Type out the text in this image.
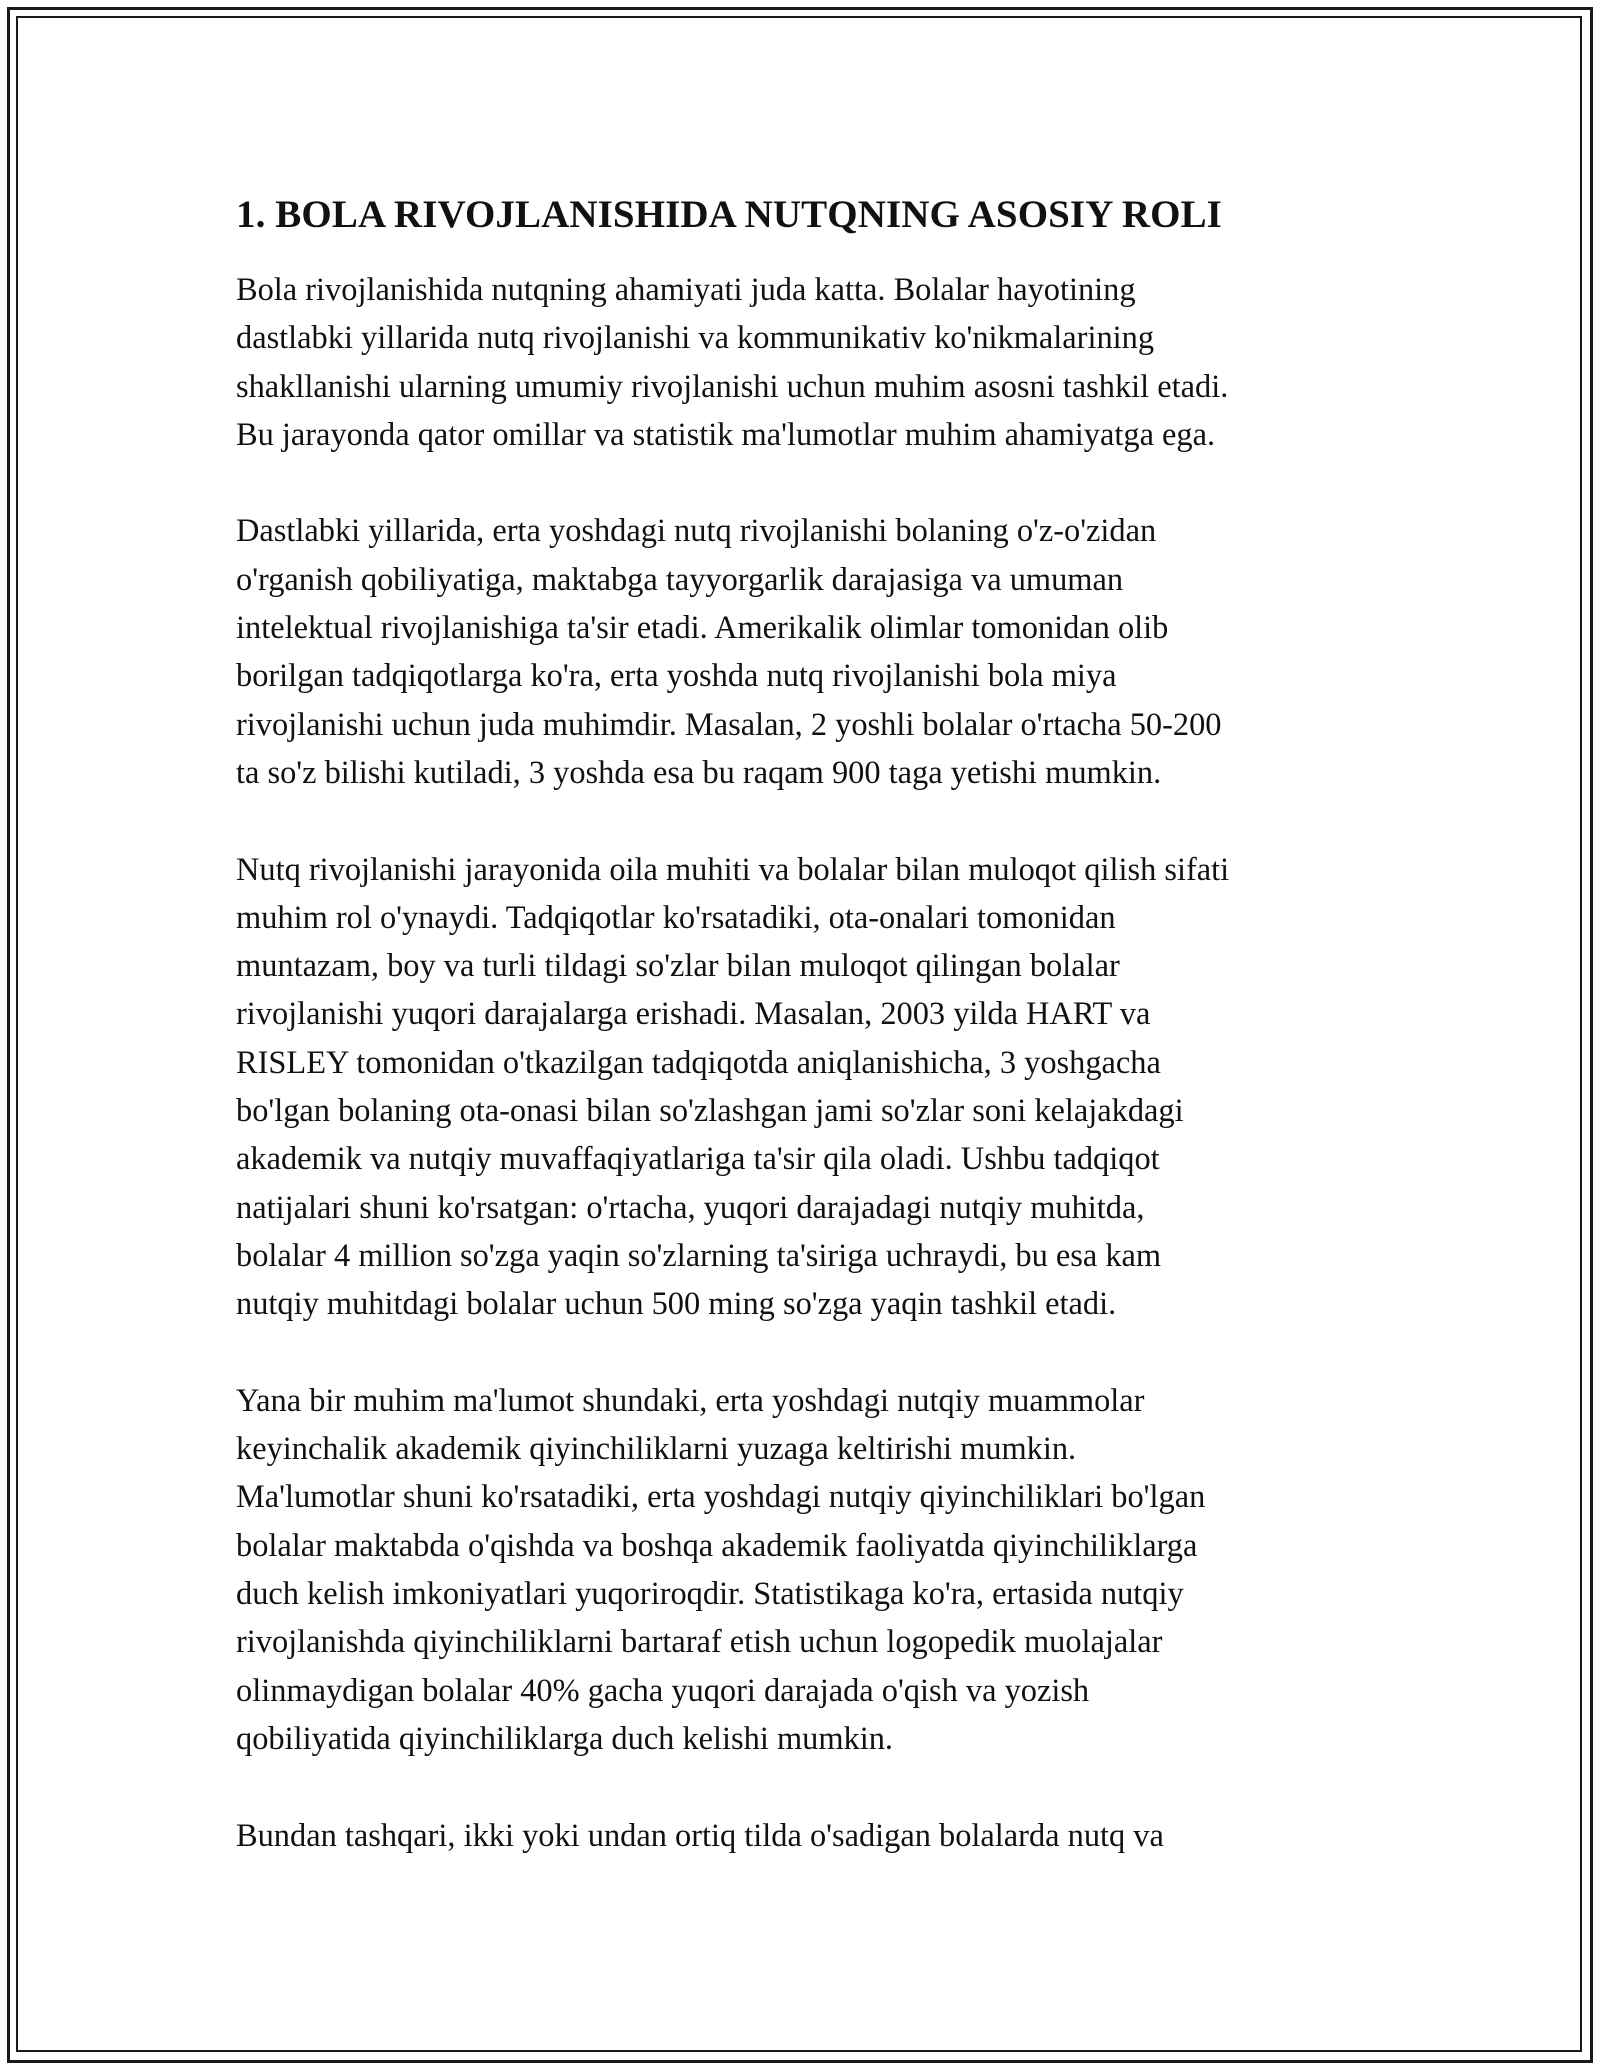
1. BOLA RIVOJLANISHIDA NUTQNING ASOSIY ROLI

Bola rivojlanishida nutqning ahamiyati juda katta. Bolalar hayotining
dastlabki yillarida nutq rivojlanishi va kommunikativ ko'nikmalarining
shakllanishi ularning umumiy rivojlanishi uchun muhim asosni tashkil etadi.
Bu jarayonda qator omillar va statistik ma'lumotlar muhim ahamiyatga ega.

Dastlabki yillarida, erta yoshdagi nutq rivojlanishi bolaning o'z-o'zidan
o'rganish qobiliyatiga, maktabga tayyorgarlik darajasiga va umuman
intelektual rivojlanishiga ta'sir etadi. Amerikalik olimlar tomonidan olib
borilgan tadqiqotlarga ko'ra, erta yoshda nutq rivojlanishi bola miya
rivojlanishi uchun juda muhimdir. Masalan, 2 yoshli bolalar o'rtacha 50-200
ta so'z bilishi kutiladi, 3 yoshda esa bu raqam 900 taga yetishi mumkin.

Nutq rivojlanishi jarayonida oila muhiti va bolalar bilan muloqot qilish sifati
muhim rol o'ynaydi. Tadqiqotlar ko'rsatadiki, ota-onalari tomonidan
muntazam, boy va turli tildagi so'zlar bilan muloqot qilingan bolalar
rivojlanishi yuqori darajalarga erishadi. Masalan, 2003 yilda HART va
RISLEY tomonidan o'tkazilgan tadqiqotda aniqlanishicha, 3 yoshgacha
bo'lgan bolaning ota-onasi bilan so'zlashgan jami so'zlar soni kelajakdagi
akademik va nutqiy muvaffaqiyatlariga ta'sir qila oladi. Ushbu tadqiqot
natijalari shuni ko'rsatgan: o'rtacha, yuqori darajadagi nutqiy muhitda,
bolalar 4 million so'zga yaqin so'zlarning ta'siriga uchraydi, bu esa kam
nutqiy muhitdagi bolalar uchun 500 ming so'zga yaqin tashkil etadi.

Yana bir muhim ma'lumot shundaki, erta yoshdagi nutqiy muammolar
keyinchalik akademik qiyinchiliklarni yuzaga keltirishi mumkin.
Ma'lumotlar shuni ko'rsatadiki, erta yoshdagi nutqiy qiyinchiliklari bo'lgan
bolalar maktabda o'qishda va boshqa akademik faoliyatda qiyinchiliklarga
duch kelish imkoniyatlari yuqoriroqdir. Statistikaga ko'ra, ertasida nutqiy
rivojlanishda qiyinchiliklarni bartaraf etish uchun logopedik muolajalar
olinmaydigan bolalar 40% gacha yuqori darajada o'qish va yozish
qobiliyatida qiyinchiliklarga duch kelishi mumkin.

Bundan tashqari, ikki yoki undan ortiq tilda o'sadigan bolalarda nutq va
